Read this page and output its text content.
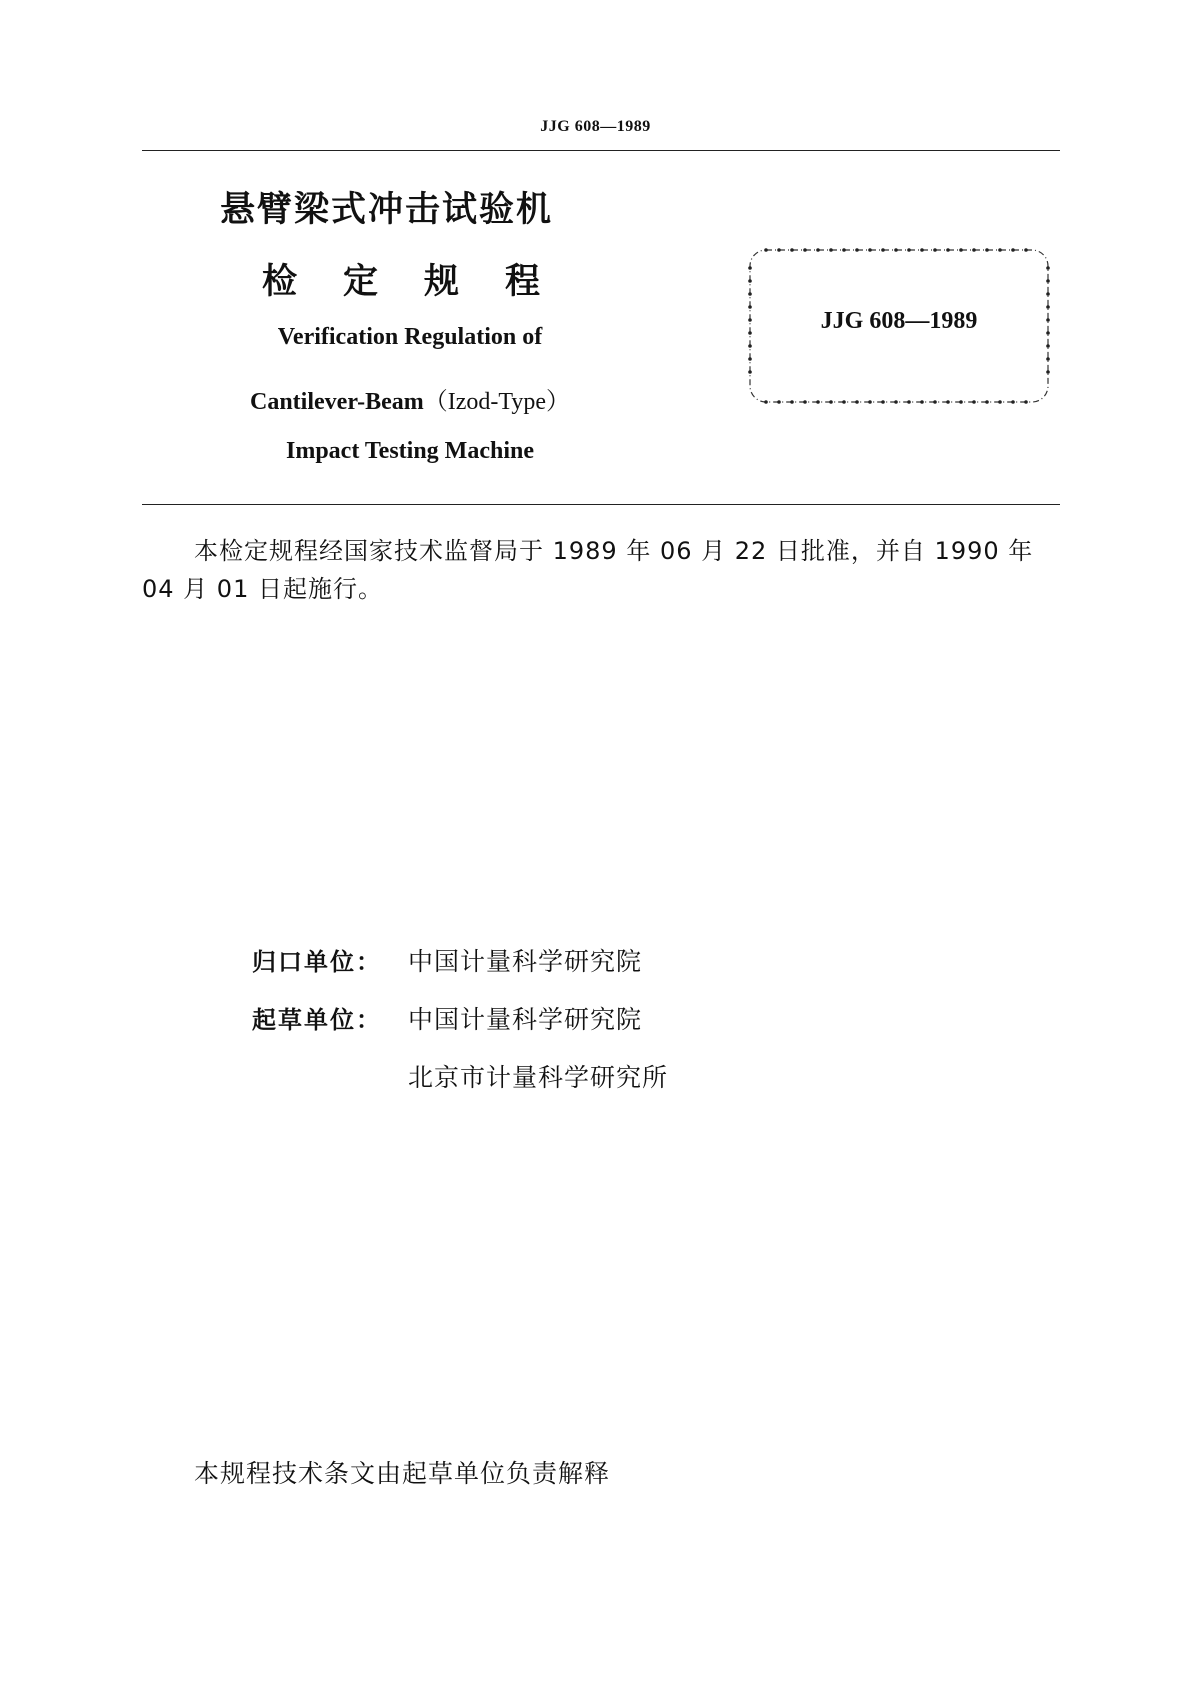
JJG 608—1989
悬臂梁式冲击试验机
检 定 规 程
Verification Regulation of
Cantilever-Beam（Izod-Type）
Impact Testing Machine
JJG 608—1989
本检定规程经国家技术监督局于 1989 年 06 月 22 日批准，并自 1990 年 04 月 01 日起施行。
归口单位： 中国计量科学研究院
起草单位： 中国计量科学研究院
北京市计量科学研究所
本规程技术条文由起草单位负责解释
